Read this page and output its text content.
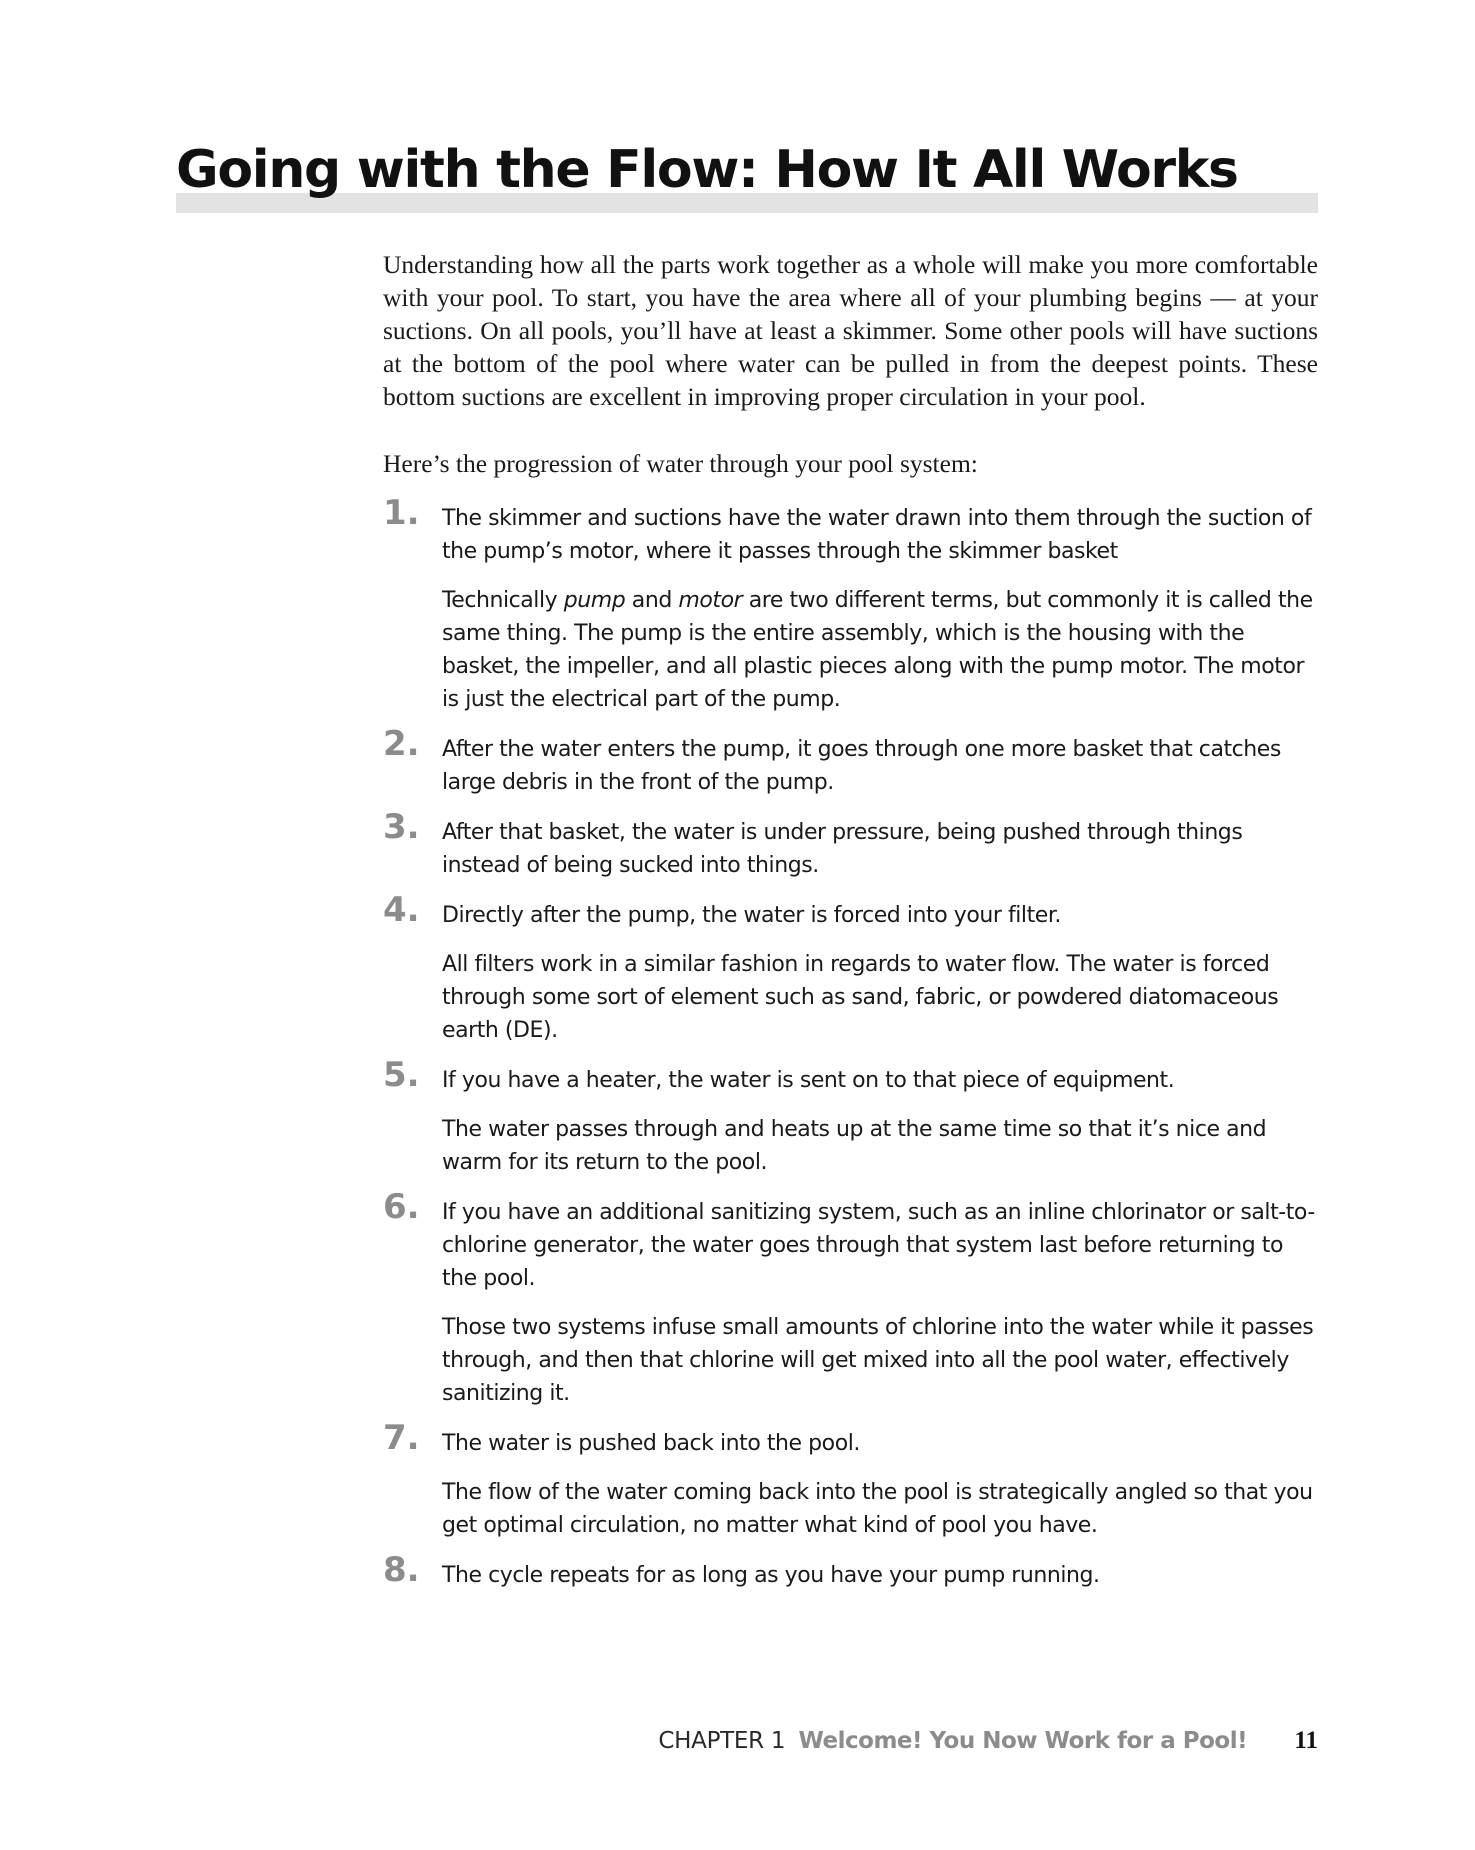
Going with the Flow: How It All Works

Understanding how all the parts work together as a whole will make you more comfortable with your pool. To start, you have the area where all of your plumbing begins — at your suctions. On all pools, you’ll have at least a skimmer. Some other pools will have suctions at the bottom of the pool where water can be pulled in from the deepest points. These bottom suctions are excellent in improving proper circulation in your pool.

Here’s the progression of water through your pool system:

1. The skimmer and suctions have the water drawn into them through the suction of the pump’s motor, where it passes through the skimmer basket

Technically pump and motor are two different terms, but commonly it is called the same thing. The pump is the entire assembly, which is the housing with the basket, the impeller, and all plastic pieces along with the pump motor. The motor is just the electrical part of the pump.

2. After the water enters the pump, it goes through one more basket that catches large debris in the front of the pump.

3. After that basket, the water is under pressure, being pushed through things instead of being sucked into things.

4. Directly after the pump, the water is forced into your filter.

All filters work in a similar fashion in regards to water flow. The water is forced through some sort of element such as sand, fabric, or powdered diatomaceous earth (DE).

5. If you have a heater, the water is sent on to that piece of equipment.

The water passes through and heats up at the same time so that it’s nice and warm for its return to the pool.

6. If you have an additional sanitizing system, such as an inline chlorinator or salt-to-chlorine generator, the water goes through that system last before returning to the pool.

Those two systems infuse small amounts of chlorine into the water while it passes through, and then that chlorine will get mixed into all the pool water, effectively sanitizing it.

7. The water is pushed back into the pool.

The flow of the water coming back into the pool is strategically angled so that you get optimal circulation, no matter what kind of pool you have.

8. The cycle repeats for as long as you have your pump running.

CHAPTER 1 Welcome! You Now Work for a Pool! 11
